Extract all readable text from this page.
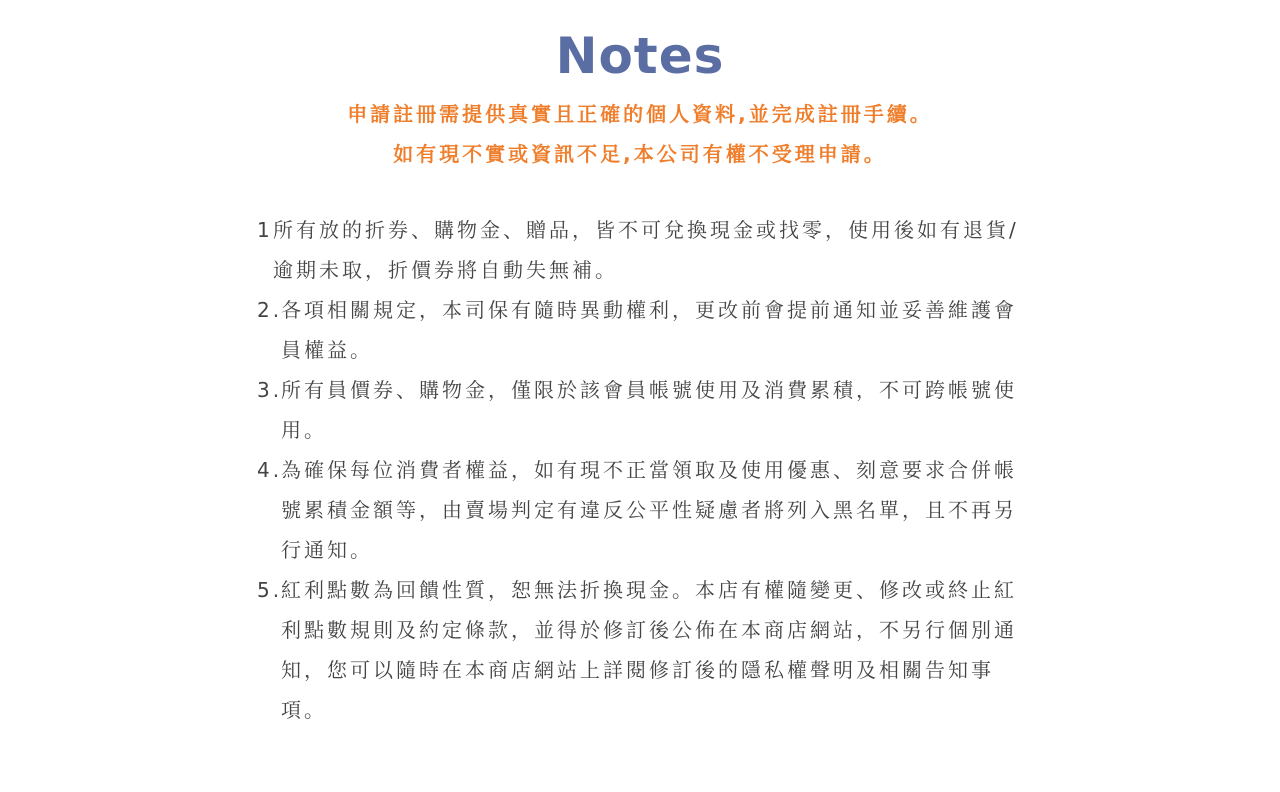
Notes
申請註冊需提供真實且正確的個人資料,並完成註冊手續。
如有現不實或資訊不足,本公司有權不受理申請。
1 所有放的折券、購物金、贈品，皆不可兌換現金或找零，使用後如有退貨/逾期未取，折價券將自動失無補。
2.
各項相關規定，本司保有隨時異動權利，更改前會提前通知並妥善維護會員權益。
3.
所有員價券、購物金，僅限於該會員帳號使用及消費累積，不可跨帳號使用。
4.
為確保每位消費者權益，如有現不正當領取及使用優惠、刻意要求合併帳號累積金額等，由賣場判定有違反公平性疑慮者將列入黑名單，且不再另行通知。
5.
紅利點數為回饋性質，恕無法折換現金。本店有權隨變更、修改或終止紅利點數規則及約定條款，並得於修訂後公佈在本商店網站，不另行個別通知，您可以隨時在本商店網站上詳閱修訂後的隱私權聲明及相關告知事項。
